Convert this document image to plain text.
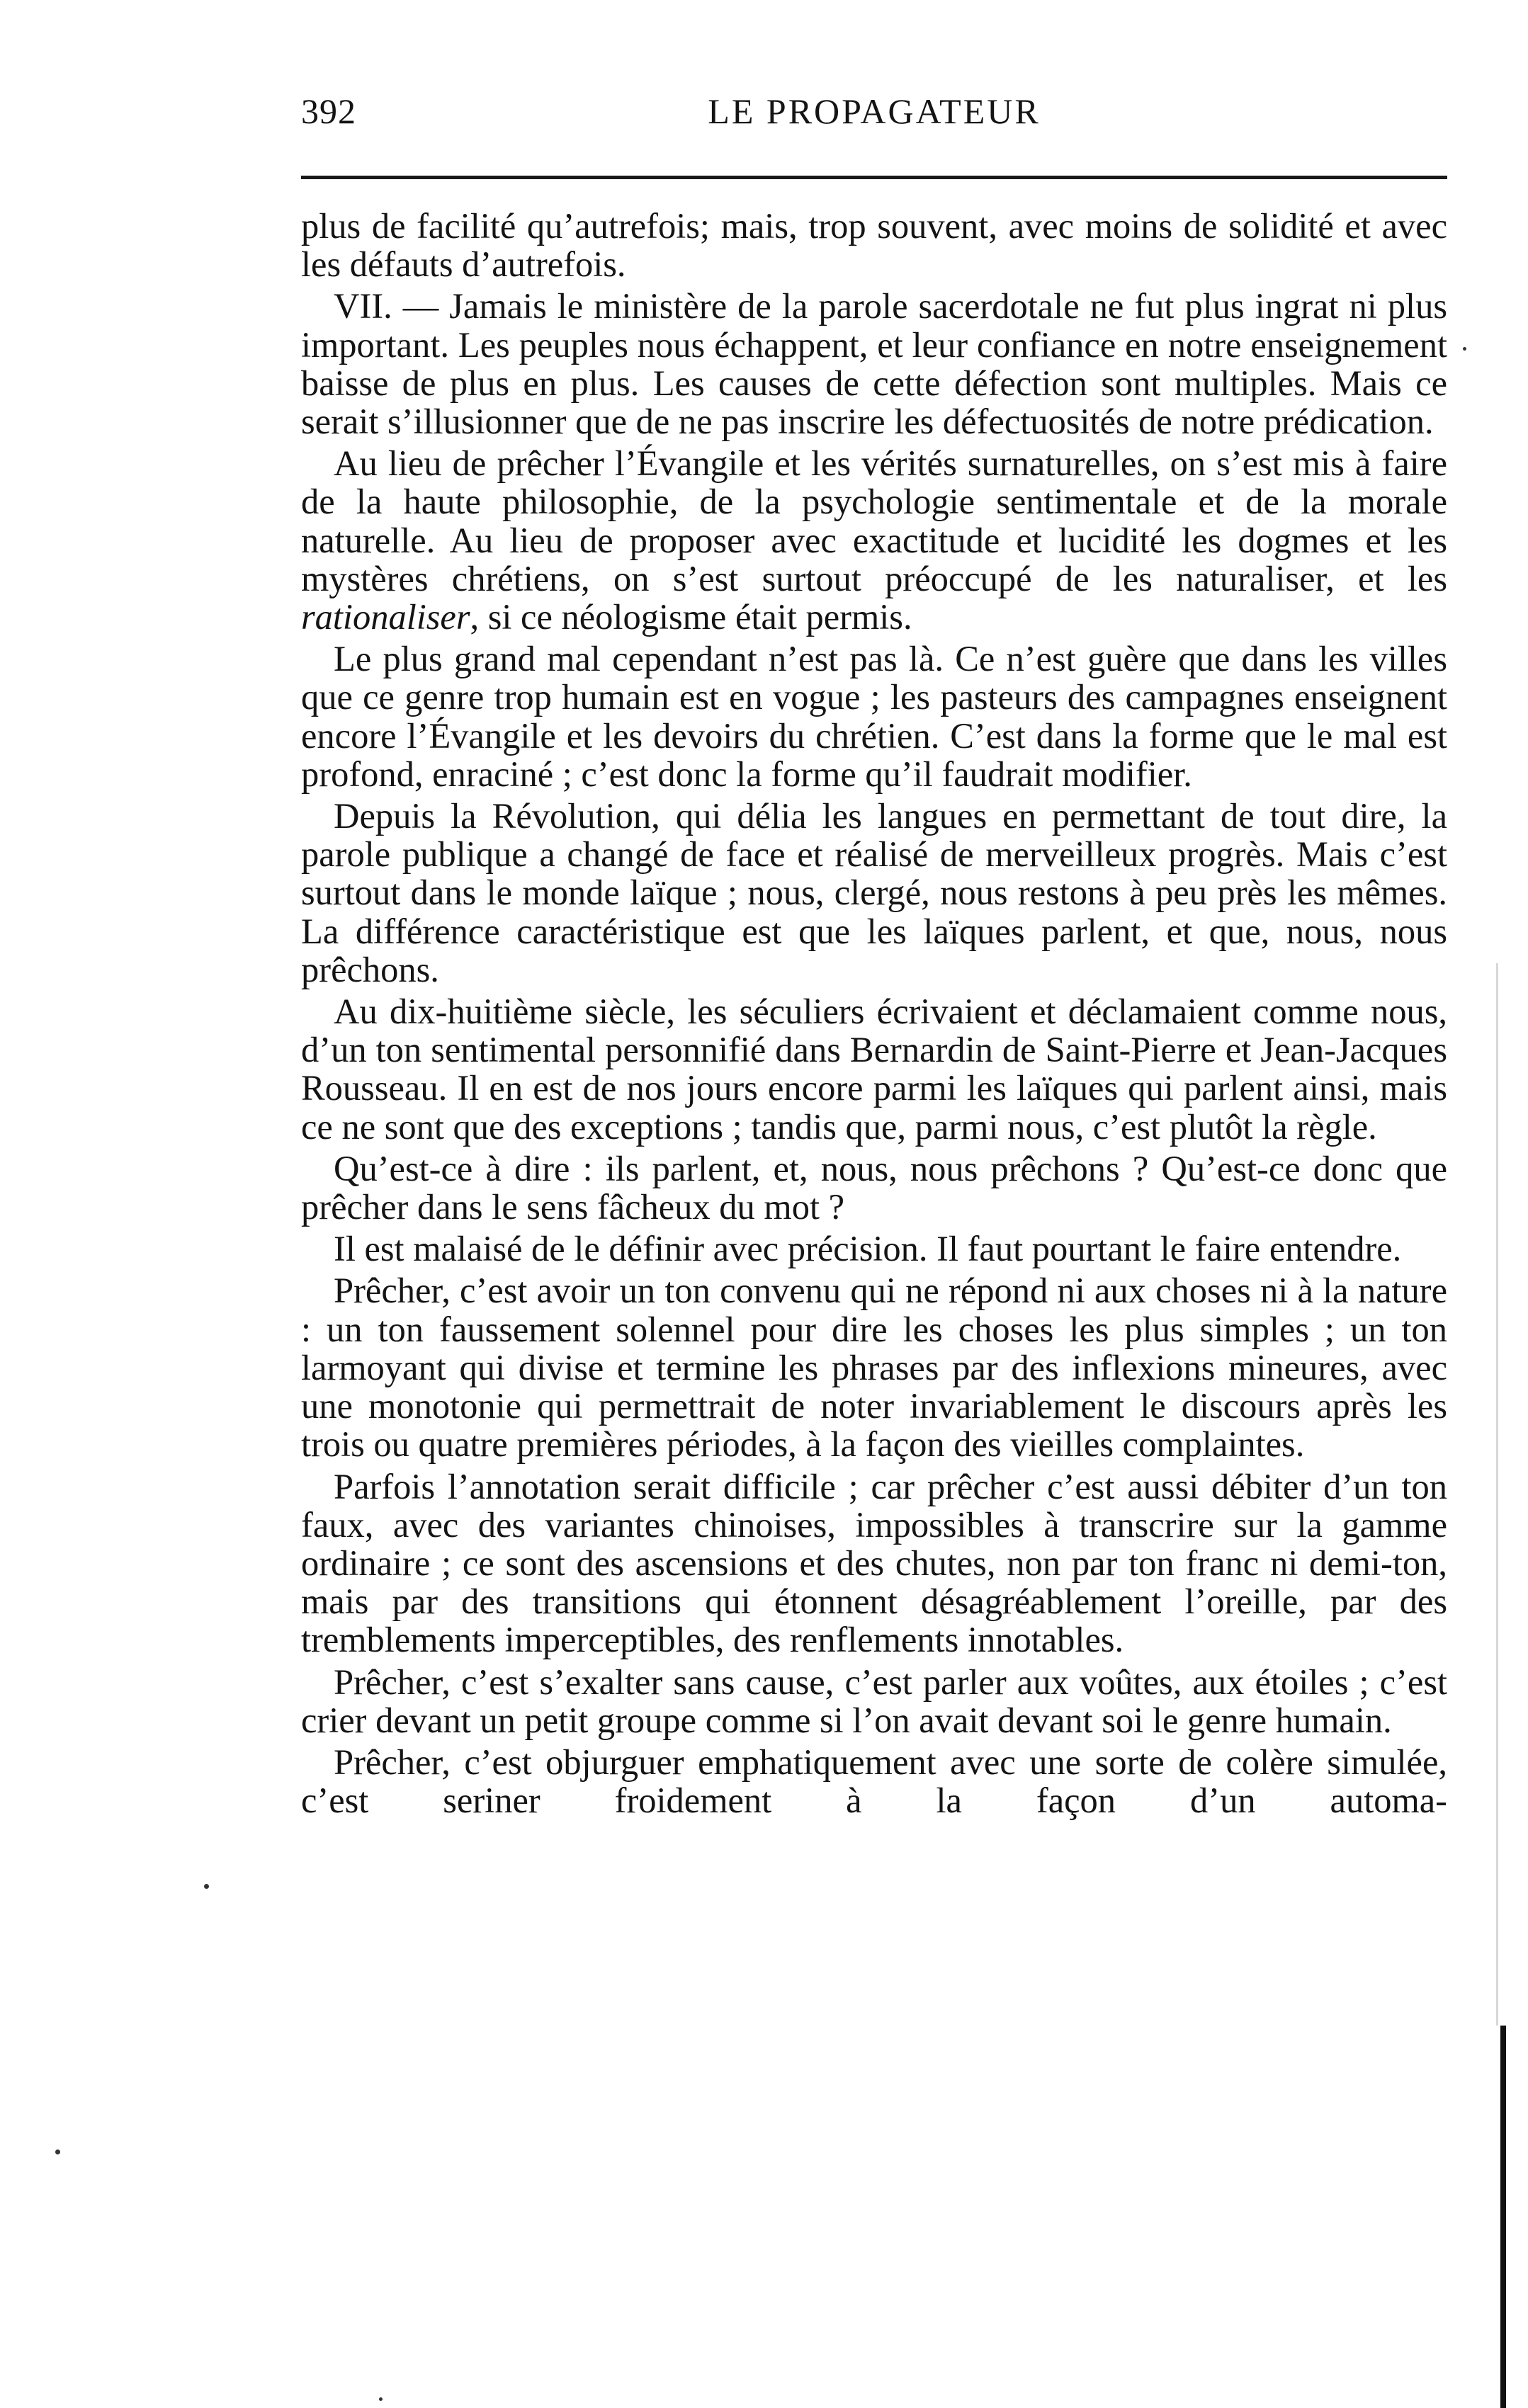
392	LE PROPAGATEUR

plus de facilité qu’autrefois; mais, trop souvent, avec moins de solidité et avec les défauts d’autrefois.

VII. — Jamais le ministère de la parole sacerdotale ne fut plus ingrat ni plus important. Les peuples nous échappent, et leur confiance en notre enseignement baisse de plus en plus. Les causes de cette défection sont multiples. Mais ce serait s’illusionner que de ne pas inscrire les défectuosités de notre prédication.

Au lieu de prêcher l’Évangile et les vérités surnaturelles, on s’est mis à faire de la haute philosophie, de la psychologie sentimentale et de la morale naturelle. Au lieu de proposer avec exactitude et lucidité les dogmes et les mystères chrétiens, on s’est surtout préoccupé de les naturaliser, et les rationaliser, si ce néologisme était permis.

Le plus grand mal cependant n’est pas là. Ce n’est guère que dans les villes que ce genre trop humain est en vogue ; les pasteurs des campagnes enseignent encore l’Évangile et les devoirs du chrétien. C’est dans la forme que le mal est profond, enraciné ; c’est donc la forme qu’il faudrait modifier.

Depuis la Révolution, qui délia les langues en permettant de tout dire, la parole publique a changé de face et réalisé de merveilleux progrès. Mais c’est surtout dans le monde laïque ; nous, clergé, nous restons à peu près les mêmes. La différence caractéristique est que les laïques parlent, et que, nous, nous prêchons.

Au dix-huitième siècle, les séculiers écrivaient et déclamaient comme nous, d’un ton sentimental personnifié dans Bernardin de Saint-Pierre et Jean-Jacques Rousseau. Il en est de nos jours encore parmi les laïques qui parlent ainsi, mais ce ne sont que des exceptions ; tandis que, parmi nous, c’est plutôt la règle.

Qu’est-ce à dire : ils parlent, et, nous, nous prêchons ? Qu’est-ce donc que prêcher dans le sens fâcheux du mot ?

Il est malaisé de le définir avec précision. Il faut pourtant le faire entendre.

Prêcher, c’est avoir un ton convenu qui ne répond ni aux choses ni à la nature : un ton faussement solennel pour dire les choses les plus simples ; un ton larmoyant qui divise et termine les phrases par des inflexions mineures, avec une monotonie qui permettrait de noter invariablement le discours après les trois ou quatre premières périodes, à la façon des vieilles complaintes.

Parfois l’annotation serait difficile ; car prêcher c’est aussi débiter d’un ton faux, avec des variantes chinoises, impossibles à transcrire sur la gamme ordinaire ; ce sont des ascensions et des chutes, non par ton franc ni demi-ton, mais par des transitions qui étonnent désagréablement l’oreille, par des tremblements imperceptibles, des renflements innotables.

Prêcher, c’est s’exalter sans cause, c’est parler aux voûtes, aux étoiles ; c’est crier devant un petit groupe comme si l’on avait devant soi le genre humain.

Prêcher, c’est objurguer emphatiquement avec une sorte de colère simulée, c’est seriner froidement à la façon d’un automa-
